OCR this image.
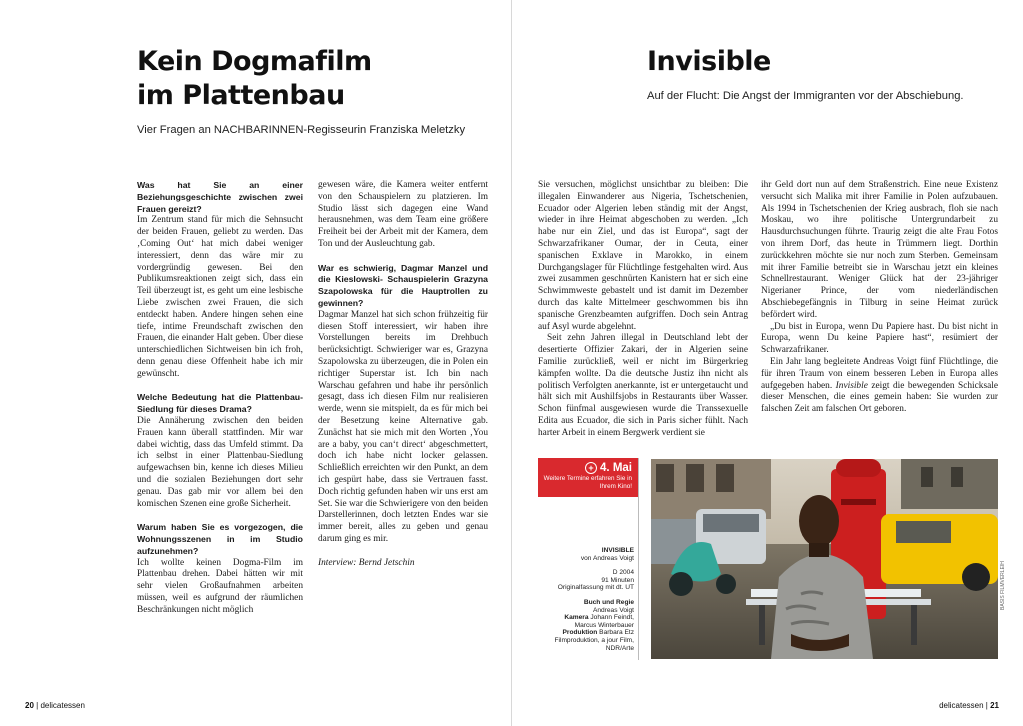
Kein Dogmafilm
im Plattenbau
Vier Fragen an NACHBARINNEN-Regisseurin Franziska Meletzky

Was hat Sie an einer Beziehungsgeschichte zwischen zwei Frauen gereizt?

Im Zentrum stand für mich die Sehnsucht der beiden Frauen, geliebt zu werden. Das ‚Coming Out‘ hat mich dabei weniger interessiert, denn das wäre mir zu vordergründig gewesen. Bei den Publikumsreaktionen zeigt sich, dass ein Teil überzeugt ist, es geht um eine lesbische Liebe zwischen zwei Frauen, die sich entdeckt haben. Andere hingen sehen eine tiefe, intime Freundschaft zwischen den Frauen, die einander Halt geben. Über diese unterschiedlichen Sichtweisen bin ich froh, denn genau diese Offenheit habe ich mir gewünscht.

Welche Bedeutung hat die Plattenbau-Siedlung für dieses Drama?

Die Annäherung zwischen den beiden Frauen kann überall stattfinden. Mir war dabei wichtig, dass das Umfeld stimmt. Da ich selbst in einer Plattenbau-Siedlung aufgewachsen bin, kenne ich dieses Milieu und die sozialen Beziehungen dort sehr genau. Das gab mir vor allem bei den komischen Szenen eine große Sicherheit.

Warum haben Sie es vorgezogen, die Wohnungsszenen in im Studio aufzunehmen?

Ich wollte keinen Dogma-Film im Plattenbau drehen. Dabei hätten wir mit sehr vielen Großaufnahmen arbeiten müssen, weil es aufgrund der räumlichen Beschränkungen nicht möglich

gewesen wäre, die Kamera weiter entfernt von den Schauspielern zu platzieren. Im Studio lässt sich dagegen eine Wand herausnehmen, was dem Team eine größere Freiheit bei der Arbeit mit der Kamera, dem Ton und der Ausleuchtung gab.

War es schwierig, Dagmar Manzel und die Kieslowski- Schauspielerin Grazyna Szapolowska für die Hauptrollen zu gewinnen?

Dagmar Manzel hat sich schon frühzeitig für diesen Stoff interessiert, wir haben ihre Vorstellungen bereits im Drehbuch berücksichtigt. Schwieriger war es, Grazyna Szapolowska zu überzeugen, die in Polen ein richtiger Superstar ist. Ich bin nach Warschau gefahren und habe ihr persönlich gesagt, dass ich diesen Film nur realisieren werde, wenn sie mitspielt, da es für mich bei der Besetzung keine Alternative gab. Zunächst hat sie mich mit den Worten ‚You are a baby, you can‘t direct‘ abgeschmettert, doch ich habe nicht locker gelassen. Schließlich erreichten wir den Punkt, an dem ich gespürt habe, dass sie Vertrauen fasst. Doch richtig gefunden haben wir uns erst am Set. Sie war die Schwierigere von den beiden Darstellerinnen, doch letzten Endes war sie immer bereit, alles zu geben und genau darum ging es mir.

Interview: Bernd Jetschin

20 | delicatessen
Invisible
Auf der Flucht: Die Angst der Immigranten vor der Abschiebung.

Sie versuchen, möglichst unsichtbar zu bleiben: Die illegalen Einwanderer aus Nigeria, Tschetschenien, Ecuador oder Algerien leben ständig mit der Angst, wieder in ihre Heimat abgeschoben zu werden. „Ich habe nur ein Ziel, und das ist Europa“, sagt der Schwarzafrikaner Oumar, der in Ceuta, einer spanischen Exklave in Marokko, in einem Durchgangslager für Flüchtlinge festgehalten wird. Aus zwei zusammen geschnürten Kanistern hat er sich eine Schwimmweste gebastelt und ist damit im Dezember durch das kalte Mittelmeer geschwommen bis ihn spanische Grenzbeamten aufgriffen. Doch sein Antrag auf Asyl wurde abgelehnt.

Seit zehn Jahren illegal in Deutschland lebt der desertierte Offizier Zakari, der in Algerien seine Familie zurückließ, weil er nicht im Bürgerkrieg kämpfen wollte. Da die deutsche Justiz ihn nicht als politisch Verfolgten anerkannte, ist er untergetaucht und hält sich mit Aushilfsjobs in Restaurants über Wasser. Schon fünfmal ausgewiesen wurde die Transsexuelle Edita aus Ecuador, die sich in Paris sicher fühlt. Nach harter Arbeit in einem Bergwerk verdient sie

ihr Geld dort nun auf dem Straßenstrich. Eine neue Existenz versucht sich Malika mit ihrer Familie in Polen aufzubauen. Als 1994 in Tschetschenien der Krieg ausbrach, floh sie nach Moskau, wo ihre politische Untergrundarbeit zu Hausdurchsuchungen führte. Traurig zeigt die alte Frau Fotos von ihrem Dorf, das heute in Trümmern liegt. Dorthin zurückkehren möchte sie nur noch zum Sterben. Gemeinsam mit ihrer Familie betreibt sie in Warschau jetzt ein kleines Schnellrestaurant. Weniger Glück hat der 23-jähriger Nigerianer Prince, der vom niederländischen Abschiebegefängnis in Tilburg in seine Heimat zurück befördert wird.

„Du bist in Europa, wenn Du Papiere hast. Du bist nicht in Europa, wenn Du keine Papiere hast“, resümiert der Schwarzafrikaner.

Ein Jahr lang begleitete Andreas Voigt fünf Flüchtlinge, die für ihren Traum von einem besseren Leben in Europa alles aufgegeben haben. Invisible zeigt die bewegenden Schicksale dieser Menschen, die eines gemein haben: Sie wurden zur falschen Zeit am falschen Ort geboren.

+ 4. Mai
Weitere Termine erfahren Sie in Ihrem Kino!
INVISIBLE
von Andreas Voigt
D 2004
91 Minuten
Originalfassung mit dt. UT
Buch und Regie
Andreas Voigt
Kamera Johann Feindt,
Marcus Winterbauer
Produktion Barbara Etz
Filmproduktion, a jour Film,
NDR/Arte
delicatessen | 21
